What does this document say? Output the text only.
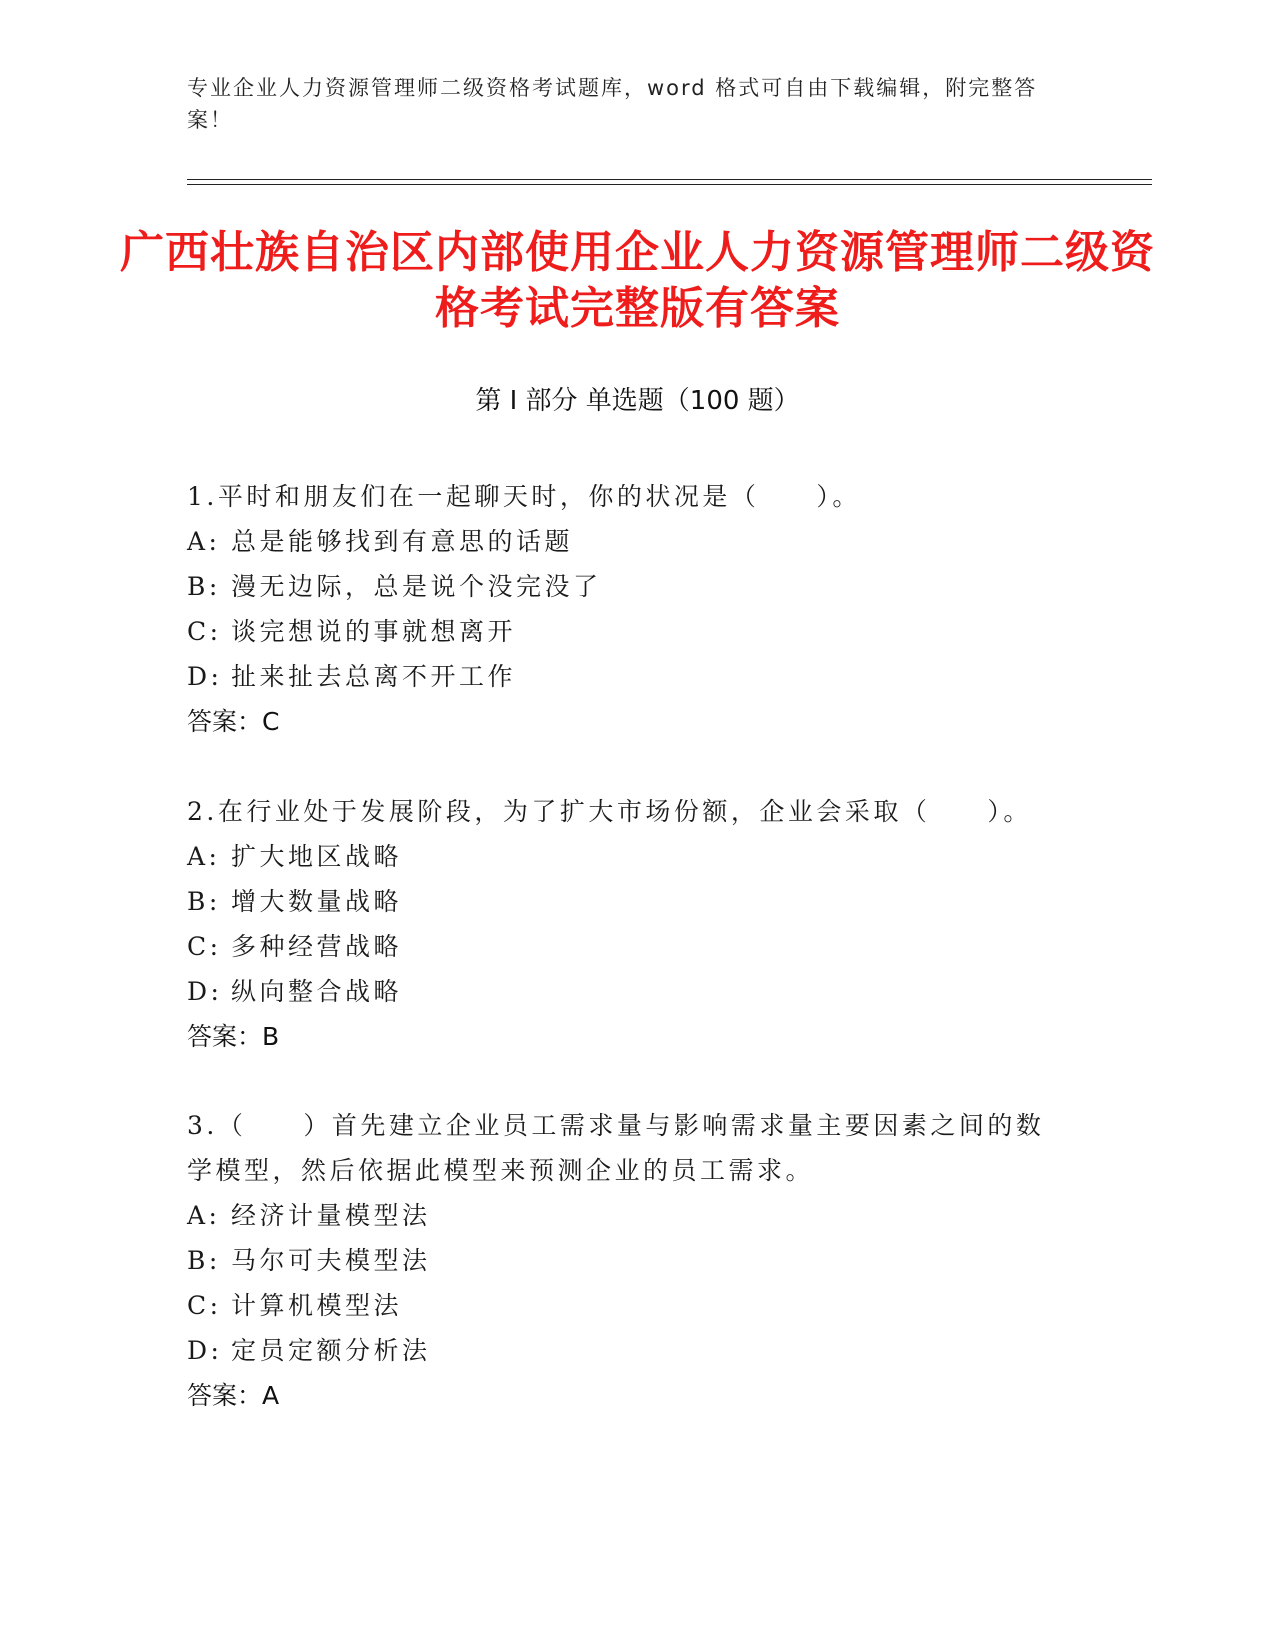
专业企业人力资源管理师二级资格考试题库，word 格式可自由下载编辑，附完整答案！
广西壮族自治区内部使用企业人力资源管理师二级资格考试完整版有答案
第 I 部分 单选题（100 题）
1.平时和朋友们在一起聊天时，你的状况是（　　）。
A: 总是能够找到有意思的话题
B: 漫无边际，总是说个没完没了
C: 谈完想说的事就想离开
D: 扯来扯去总离不开工作
答案：C
2.在行业处于发展阶段，为了扩大市场份额，企业会采取（　　）。
A: 扩大地区战略
B: 增大数量战略
C: 多种经营战略
D: 纵向整合战略
答案：B
3.（　　）首先建立企业员工需求量与影响需求量主要因素之间的数学模型，然后依据此模型来预测企业的员工需求。
A: 经济计量模型法
B: 马尔可夫模型法
C: 计算机模型法
D: 定员定额分析法
答案：A
